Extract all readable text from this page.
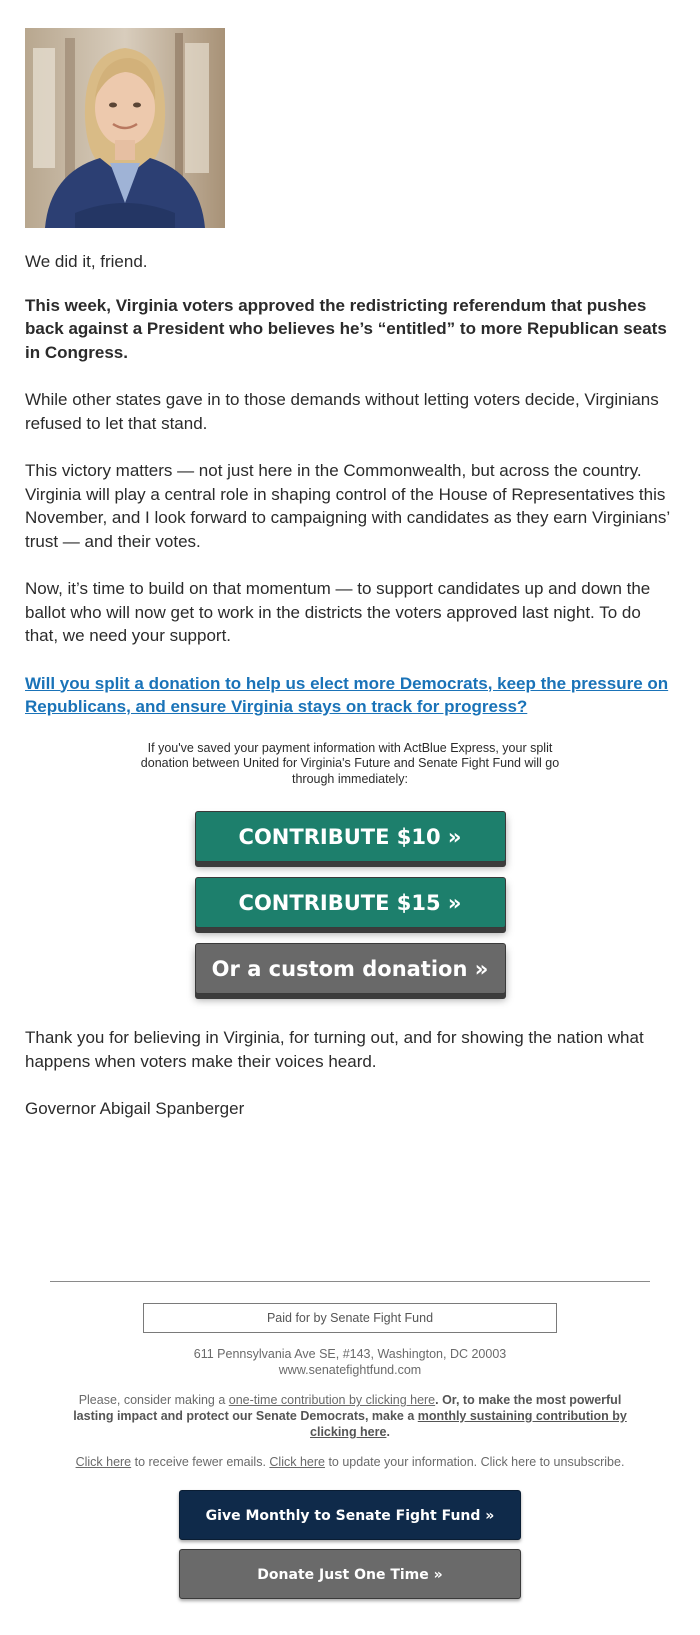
We did it, friend.

This week, Virginia voters approved the redistricting referendum that pushes back against a President who believes he’s “entitled” to more Republican seats in Congress.

While other states gave in to those demands without letting voters decide, Virginians refused to let that stand.

This victory matters — not just here in the Commonwealth, but across the country. Virginia will play a central role in shaping control of the House of Representatives this November, and I look forward to campaigning with candidates as they earn Virginians’ trust — and their votes.

Now, it’s time to build on that momentum — to support candidates up and down the ballot who will now get to work in the districts the voters approved last night. To do that, we need your support.

Will you split a donation to help us elect more Democrats, keep the pressure on Republicans, and ensure Virginia stays on track for progress?

If you've saved your payment information with ActBlue Express, your split donation between United for Virginia's Future and Senate Fight Fund will go through immediately:

CONTRIBUTE $10 »
CONTRIBUTE $15 »
Or a custom donation »

Thank you for believing in Virginia, for turning out, and for showing the nation what happens when voters make their voices heard.

Governor Abigail Spanberger

Paid for by Senate Fight Fund

611 Pennsylvania Ave SE, #143, Washington, DC 20003
www.senatefightfund.com

Please, consider making a one-time contribution by clicking here. Or, to make the most powerful lasting impact and protect our Senate Democrats, make a monthly sustaining contribution by clicking here.

Click here to receive fewer emails. Click here to update your information. Click here to unsubscribe.

Give Monthly to Senate Fight Fund »
Donate Just One Time »
